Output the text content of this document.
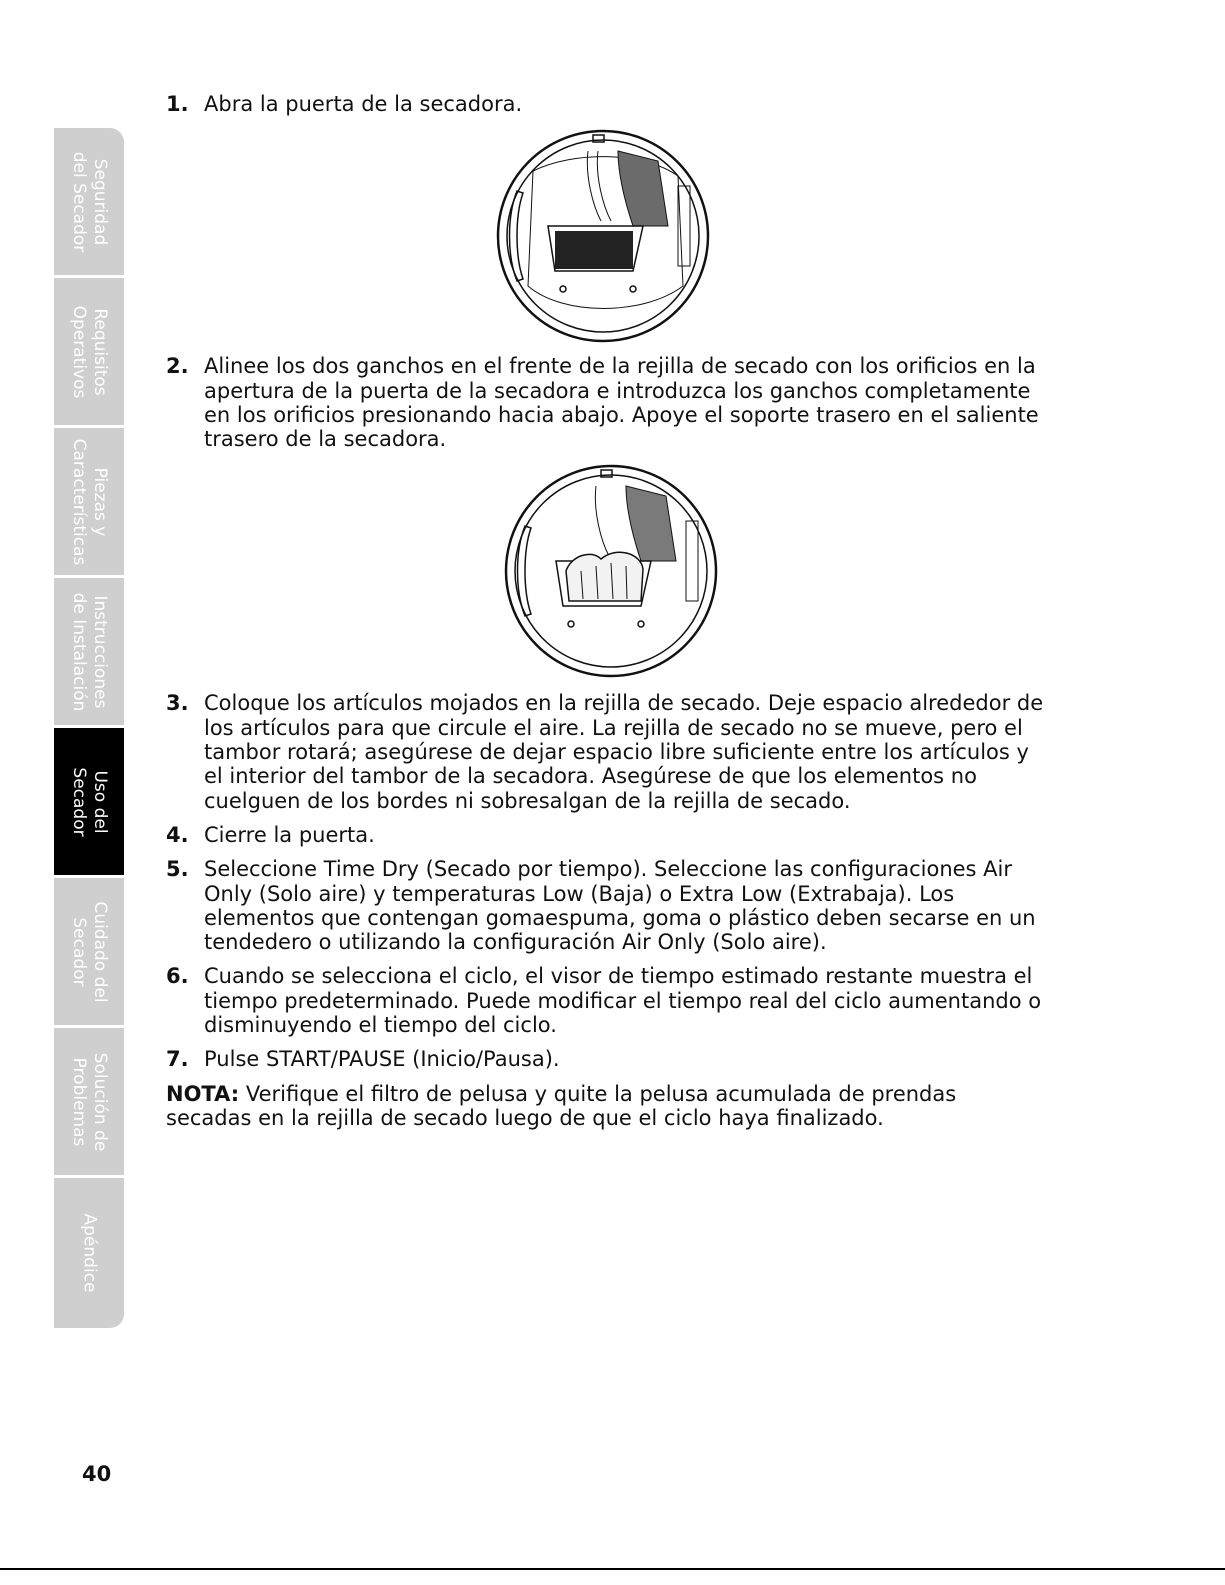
Seguridad
del Secador
Requisitos
Operativos
Piezas y
Características
Instrucciones
de Instalación
Uso del
Secador
Cuidado del
Secador
Solución de
Problemas
Apéndice
1. Abra la puerta de la secadora.
2. Alinee los dos ganchos en el frente de la rejilla de secado con los orificios en la apertura de la puerta de la secadora e introduzca los ganchos completamente en los orificios presionando hacia abajo. Apoye el soporte trasero en el saliente trasero de la secadora.
3. Coloque los artículos mojados en la rejilla de secado. Deje espacio alrededor de los artículos para que circule el aire. La rejilla de secado no se mueve, pero el tambor rotará; asegúrese de dejar espacio libre suficiente entre los artículos y el interior del tambor de la secadora. Asegúrese de que los elementos no cuelguen de los bordes ni sobresalgan de la rejilla de secado.
4. Cierre la puerta.
5. Seleccione Time Dry (Secado por tiempo). Seleccione las configuraciones Air Only (Solo aire) y temperaturas Low (Baja) o Extra Low (Extrabaja). Los elementos que contengan gomaespuma, goma o plástico deben secarse en un tendedero o utilizando la configuración Air Only (Solo aire).
6. Cuando se selecciona el ciclo, el visor de tiempo estimado restante muestra el tiempo predeterminado. Puede modificar el tiempo real del ciclo aumentando o disminuyendo el tiempo del ciclo.
7. Pulse START/PAUSE (Inicio/Pausa).
NOTA: Verifique el filtro de pelusa y quite la pelusa acumulada de prendas secadas en la rejilla de secado luego de que el ciclo haya finalizado.
40
